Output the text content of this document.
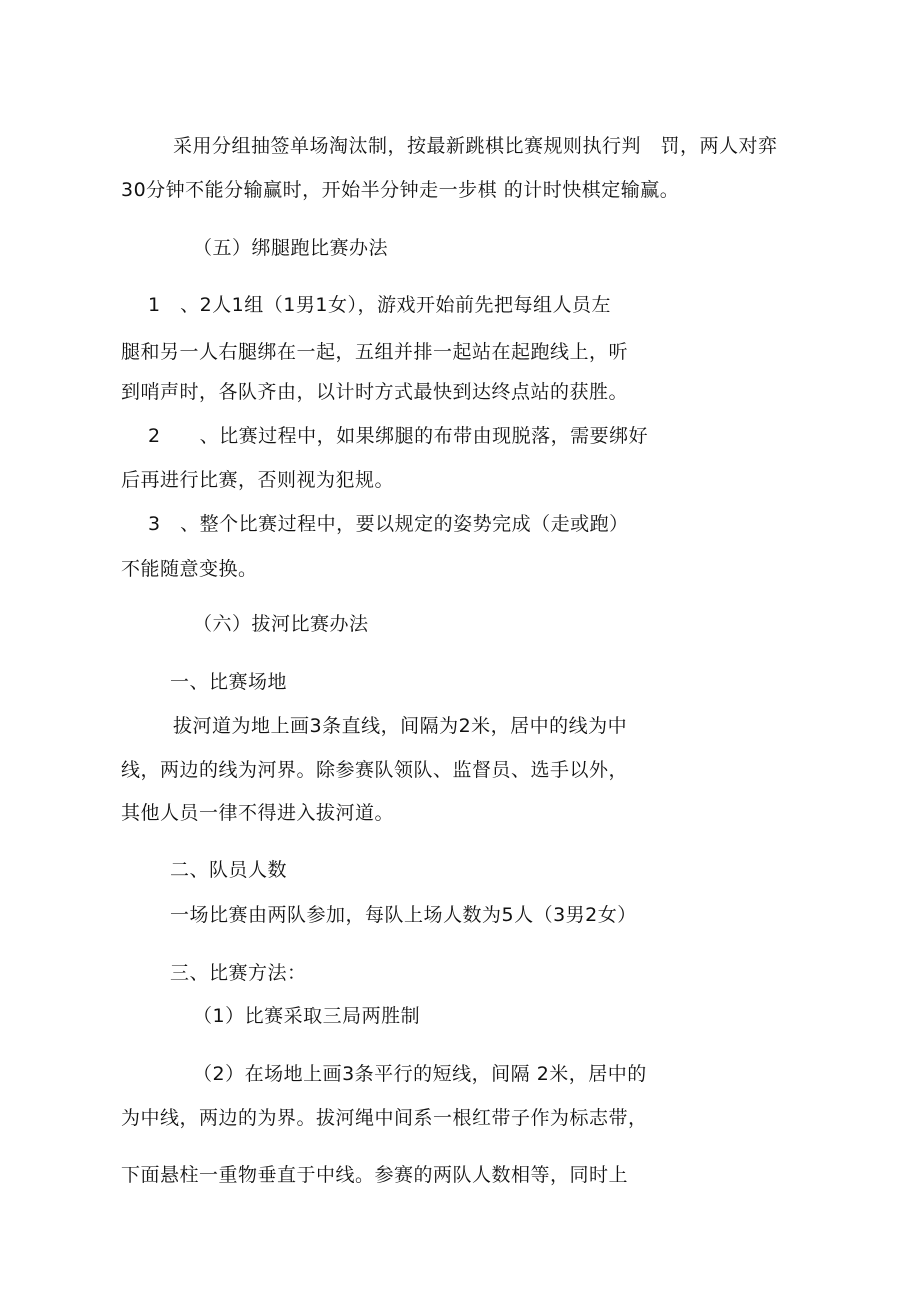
采用分组抽签单场淘汰制，按最新跳棋比赛规则执行判　罚，两人对弈
30分钟不能分输赢时，开始半分钟走一步棋 的计时快棋定输赢。
（五）绑腿跑比赛办法
1　、2人1组（1男1女），游戏开始前先把每组人员左
腿和另一人右腿绑在一起，五组并排一起站在起跑线上，听
到哨声时，各队齐由，以计时方式最快到达终点站的获胜。
2　　、比赛过程中，如果绑腿的布带由现脱落，需要绑好
后再进行比赛，否则视为犯规。
3　、整个比赛过程中，要以规定的姿势完成（走或跑）
不能随意变换。
（六）拔河比赛办法
一、比赛场地
拔河道为地上画3条直线，间隔为2米，居中的线为中
线，两边的线为河界。除参赛队领队、监督员、选手以外，
其他人员一律不得进入拔河道。
二、队员人数
一场比赛由两队参加，每队上场人数为5人（3男2女）
三、比赛方法：
（1）比赛采取三局两胜制
（2）在场地上画3条平行的短线，间隔 2米，居中的
为中线，两边的为界。拔河绳中间系一根红带子作为标志带，
下面悬柱一重物垂直于中线。参赛的两队人数相等，同时上
